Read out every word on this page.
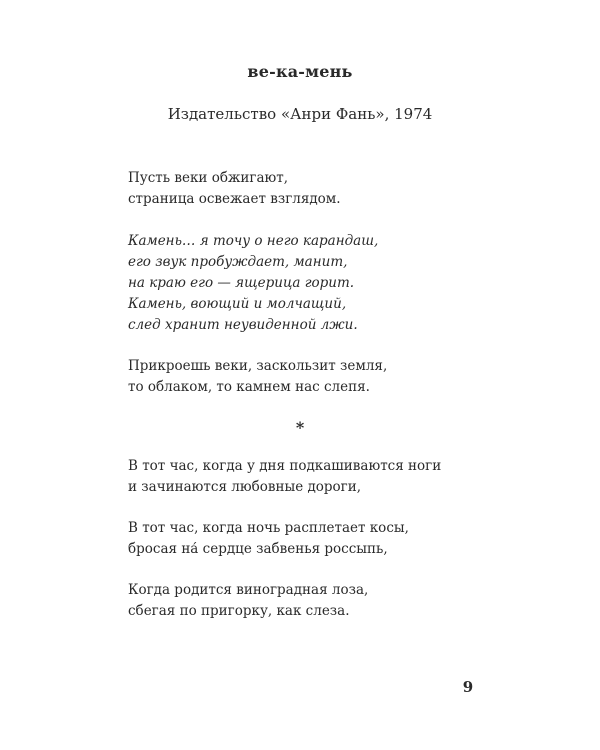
ве-ка-мень
Издательство «Анри Фань», 1974
Пусть веки обжигают,
страница освежает взглядом.
Камень… я точу о него карандаш,
его звук пробуждает, манит,
на краю его — ящерица горит.
Камень, воющий и молчащий,
след хранит неувиденной лжи.
Прикроешь веки, заскользит земля,
то облаком, то камнем нас слепя.
*
В тот час, когда у дня подкашиваются ноги
и зачинаются любовные дороги,
В тот час, когда ночь расплетает косы,
бросая на́ сердце забвенья россыпь,
Когда родится виноградная лоза,
сбегая по пригорку, как слеза.
9
